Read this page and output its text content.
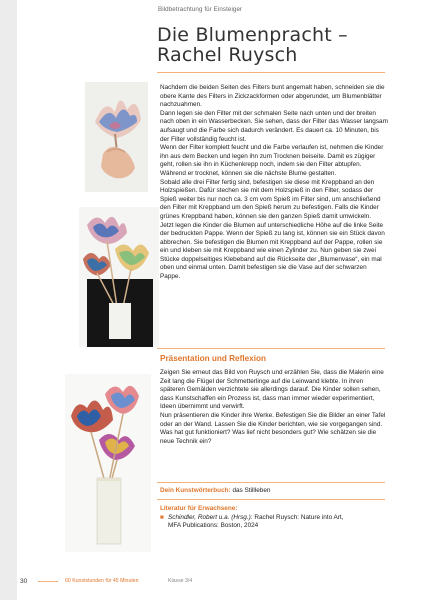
Bildbetrachtung für Einsteiger
Die Blumenpracht –
Rachel Ruysch

Nachdem die beiden Seiten des Filters bunt angemalt haben, schneiden sie die obere Kante des Filters in Zickzackformen oder abgerundet, um Blumenblätter nachzuahmen.

Dann legen sie den Filter mit der schmalen Seite nach unten und der breiten nach oben in ein Wasserbecken. Sie sehen, dass der Filter das Wasser langsam aufsaugt und die Farbe sich dadurch verändert. Es dauert ca. 10 Minuten, bis der Filter vollständig feucht ist.

Wenn der Filter komplett feucht und die Farbe verlaufen ist, nehmen die Kinder ihn aus dem Becken und legen ihn zum Trocknen beiseite. Damit es zügiger geht, rollen sie ihn in Küchenkrepp noch, indem sie den Filter abtupfen. Während er trocknet, können sie die nächste Blume gestalten.

Sobald alle drei Filter fertig sind, befestigen sie diese mit Kreppband an den Holzspießen. Dafür stechen sie mit dem Holzspieß in den Filter, sodass der Spieß weiter bis nur noch ca. 3 cm vom Spieß im Filter sind, um anschließend den Filter mit Kreppband um den Spieß herum zu befestigen. Falls die Kinder grünes Kreppband haben, können sie den ganzen Spieß damit umwickeln.

Jetzt legen die Kinder die Blumen auf unterschiedliche Höhe auf die linke Seite der bedruckten Pappe. Wenn der Spieß zu lang ist, können sie ein Stück davon abbrechen. Sie befestigen die Blumen mit Kreppband auf der Pappe, rollen sie ein und kleben sie mit Kreppband wie einen Zylinder zu. Nun geben sie zwei Stücke doppelseitiges Klebeband auf die Rückseite der „Blumenvase“, ein mal oben und einmal unten. Damit befestigen sie die Vase auf der schwarzen Pappe.

Präsentation und Reflexion

Zeigen Sie erneut das Bild von Ruysch und erzählen Sie, dass die Malerin eine Zeit lang die Flügel der Schmetterlinge auf die Leinwand klebte. In ihren späteren Gemälden verzichtete sie allerdings darauf. Die Kinder sollen sehen, dass Kunstschaffen ein Prozess ist, dass man immer wieder experimentiert, Ideen übernimmt und verwirft.

Nun präsentieren die Kinder ihre Werke. Befestigen Sie die Bilder an einer Tafel oder an der Wand. Lassen Sie die Kinder berichten, wie sie vorgegangen sind. Was hat gut funktioniert? Was lief nicht besonders gut? Wie schätzen sie die neue Technik ein?

Dein Kunstwörterbuch: das Stillleben

Literatur für Erwachsene:

■ Schindler, Robert u.a. (Hrsg.): Rachel Ruysch: Nature into Art,

MFA Publications: Boston, 2024

30	60 Kunststunden für 45 Minuten	Klasse 3/4
